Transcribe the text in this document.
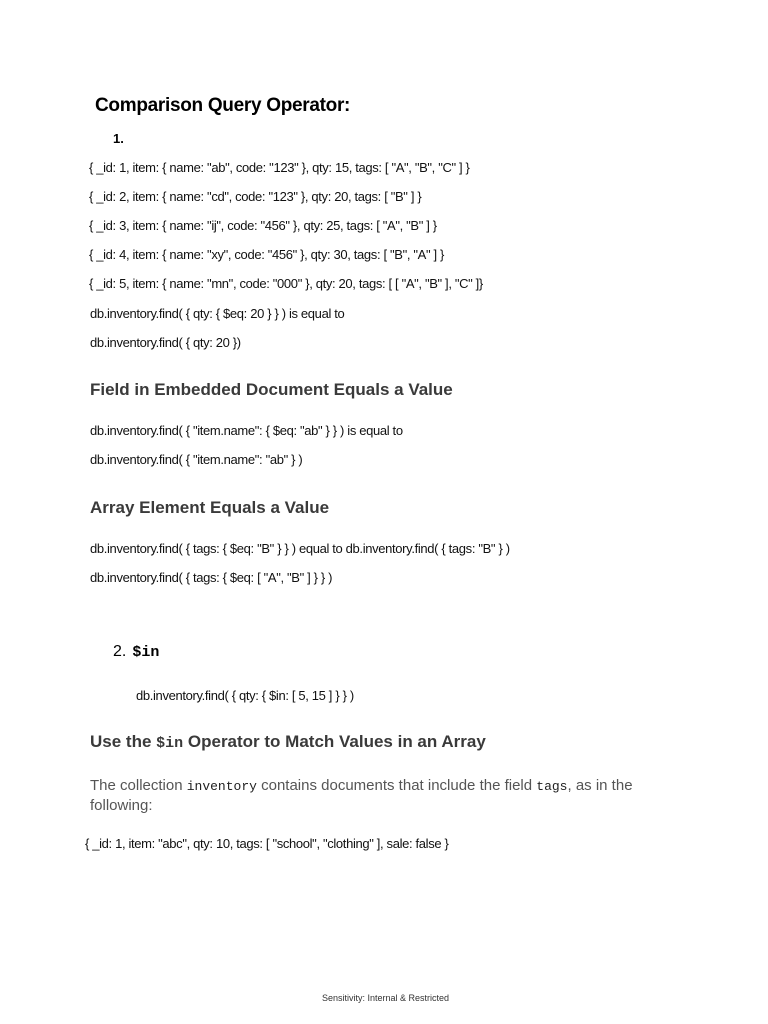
Comparison Query Operator:
1.
{ _id: 1, item: { name: "ab", code: "123" }, qty: 15, tags: [ "A", "B", "C" ] }
{ _id: 2, item: { name: "cd", code: "123" }, qty: 20, tags: [ "B" ] }
{ _id: 3, item: { name: "ij", code: "456" }, qty: 25, tags: [ "A", "B" ] }
{ _id: 4, item: { name: "xy", code: "456" }, qty: 30, tags: [ "B", "A" ] }
{ _id: 5, item: { name: "mn", code: "000" }, qty: 20, tags: [ [ "A", "B" ], "C" ]}
db.inventory.find( { qty: { $eq: 20 } } ) is equal to
db.inventory.find( { qty: 20 })
Field in Embedded Document Equals a Value
db.inventory.find( { "item.name": { $eq: "ab" } } ) is equal to
db.inventory.find( { "item.name": "ab" } )
Array Element Equals a Value
db.inventory.find( { tags: { $eq: "B" } } ) equal to db.inventory.find( { tags: "B" } )
db.inventory.find( { tags: { $eq: [ "A", "B" ] } } )
2. $in
db.inventory.find( { qty: { $in: [ 5, 15 ] } } )
Use the $in Operator to Match Values in an Array
The collection inventory contains documents that include the field tags, as in the following:
{ _id: 1, item: "abc", qty: 10, tags: [ "school", "clothing" ], sale: false }
Sensitivity: Internal & Restricted
